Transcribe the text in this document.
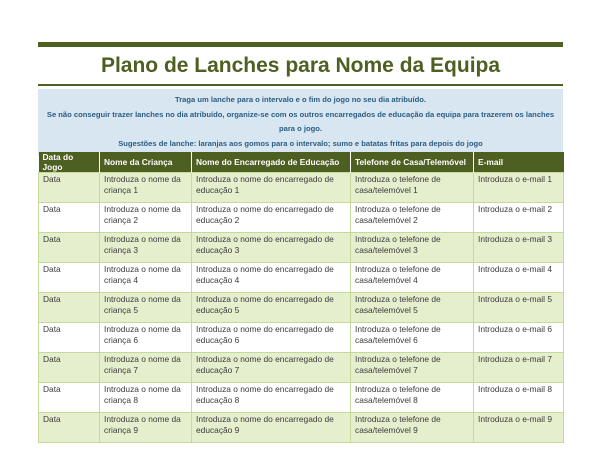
Plano de Lanches para Nome da Equipa
Traga um lanche para o intervalo e o fim do jogo no seu dia atribuído.
Se não conseguir trazer lanches no dia atribuído, organize-se com os outros encarregados de educação da equipa para trazerem os lanches para o jogo.
Sugestões de lanche: laranjas aos gomos para o intervalo; sumo e batatas fritas para depois do jogo
Data do Jogo	Nome da Criança	Nome do Encarregado de Educação	Telefone de Casa/Telemóvel	E-mail
Data	Introduza o nome da criança 1	Introduza o nome do encarregado de educação 1	Introduza o telefone de casa/telemóvel 1	Introduza o e-mail 1
Data	Introduza o nome da criança 2	Introduza o nome do encarregado de educação 2	Introduza o telefone de casa/telemóvel 2	Introduza o e-mail 2
Data	Introduza o nome da criança 3	Introduza o nome do encarregado de educação 3	Introduza o telefone de casa/telemóvel 3	Introduza o e-mail 3
Data	Introduza o nome da criança 4	Introduza o nome do encarregado de educação 4	Introduza o telefone de casa/telemóvel 4	Introduza o e-mail 4
Data	Introduza o nome da criança 5	Introduza o nome do encarregado de educação 5	Introduza o telefone de casa/telemóvel 5	Introduza o e-mail 5
Data	Introduza o nome da criança 6	Introduza o nome do encarregado de educação 6	Introduza o telefone de casa/telemóvel 6	Introduza o e-mail 6
Data	Introduza o nome da criança 7	Introduza o nome do encarregado de educação 7	Introduza o telefone de casa/telemóvel 7	Introduza o e-mail 7
Data	Introduza o nome da criança 8	Introduza o nome do encarregado de educação 8	Introduza o telefone de casa/telemóvel 8	Introduza o e-mail 8
Data	Introduza o nome da criança 9	Introduza o nome do encarregado de educação 9	Introduza o telefone de casa/telemóvel 9	Introduza o e-mail 9
